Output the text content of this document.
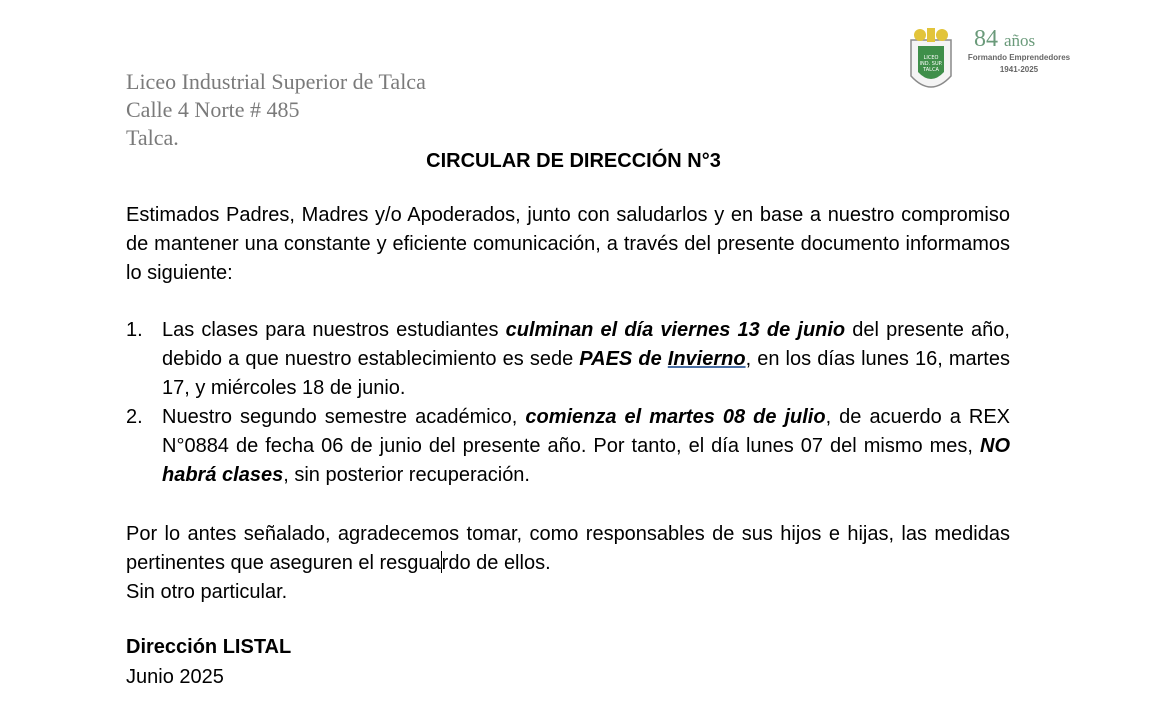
Liceo Industrial Superior de Talca
Calle 4 Norte # 485
Talca.
LICEO
IND. SUP.
TALCA
84 años
Formando Emprendedores
1941-2025
CIRCULAR DE DIRECCIÓN N°3
Estimados Padres, Madres y/o Apoderados, junto con saludarlos y en base a nuestro compromiso de mantener una constante y eficiente comunicación, a través del presente documento informamos lo siguiente:
1. Las clases para nuestros estudiantes culminan el día viernes 13 de junio del presente año, debido a que nuestro establecimiento es sede PAES de Invierno, en los días lunes 16, martes 17, y miércoles 18 de junio.
2. Nuestro segundo semestre académico, comienza el martes 08 de julio, de acuerdo a REX N°0884 de fecha 06 de junio del presente año. Por tanto, el día lunes 07 del mismo mes, NO habrá clases, sin posterior recuperación.
Por lo antes señalado, agradecemos tomar, como responsables de sus hijos e hijas, las medidas pertinentes que aseguren el resguardo de ellos.
Sin otro particular.
Dirección LISTAL
Junio 2025
